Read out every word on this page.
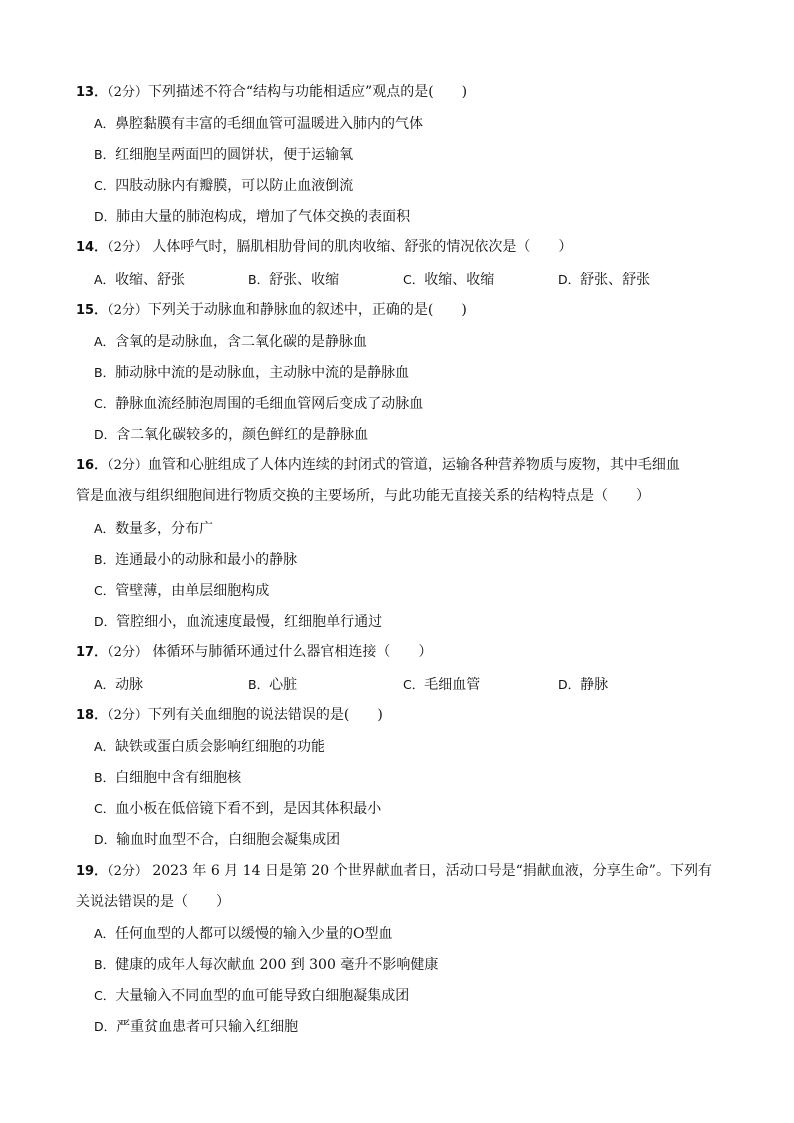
13．（2分）下列描述不符合“结构与功能相适应”观点的是(　　)
A．鼻腔黏膜有丰富的毛细血管可温暖进入肺内的气体
B．红细胞呈两面凹的圆饼状，便于运输氧
C．四肢动脉内有瓣膜，可以防止血液倒流
D．肺由大量的肺泡构成，增加了气体交换的表面积
14．（2分） 人体呼气时，膈肌相肋骨间的肌肉收缩、舒张的情况依次是（　　）
A．收缩、舒张	B．舒张、收缩	C．收缩、收缩	D．舒张、舒张
15．（2分）下列关于动脉血和静脉血的叙述中，正确的是(　　)
A．含氧的是动脉血，含二氧化碳的是静脉血
B．肺动脉中流的是动脉血，主动脉中流的是静脉血
C．静脉血流经肺泡周围的毛细血管网后变成了动脉血
D．含二氧化碳较多的，颜色鲜红的是静脉血
16．（2分）血管和心脏组成了人体内连续的封闭式的管道，运输各种营养物质与废物，其中毛细血
管是血液与组织细胞间进行物质交换的主要场所，与此功能无直接关系的结构特点是（　　）
A．数量多，分布广
B．连通最小的动脉和最小的静脉
C．管壁薄，由单层细胞构成
D．管腔细小，血流速度最慢，红细胞单行通过
17．（2分） 体循环与肺循环通过什么器官相连接（　　）
A．动脉	B．心脏	C．毛细血管	D．静脉
18．（2分）下列有关血细胞的说法错误的是(　　)
A．缺铁或蛋白质会影响红细胞的功能
B．白细胞中含有细胞核
C．血小板在低倍镜下看不到，是因其体积最小
D．输血时血型不合，白细胞会凝集成团
19．（2分） 2023 年 6 月 14 日是第 20 个世界献血者日，活动口号是“捐献血液，分享生命”。下列有
关说法错误的是（　　）
A．任何血型的人都可以缓慢的输入少量的O型血
B．健康的成年人每次献血 200 到 300 毫升不影响健康
C．大量输入不同血型的血可能导致白细胞凝集成团
D．严重贫血患者可只输入红细胞
